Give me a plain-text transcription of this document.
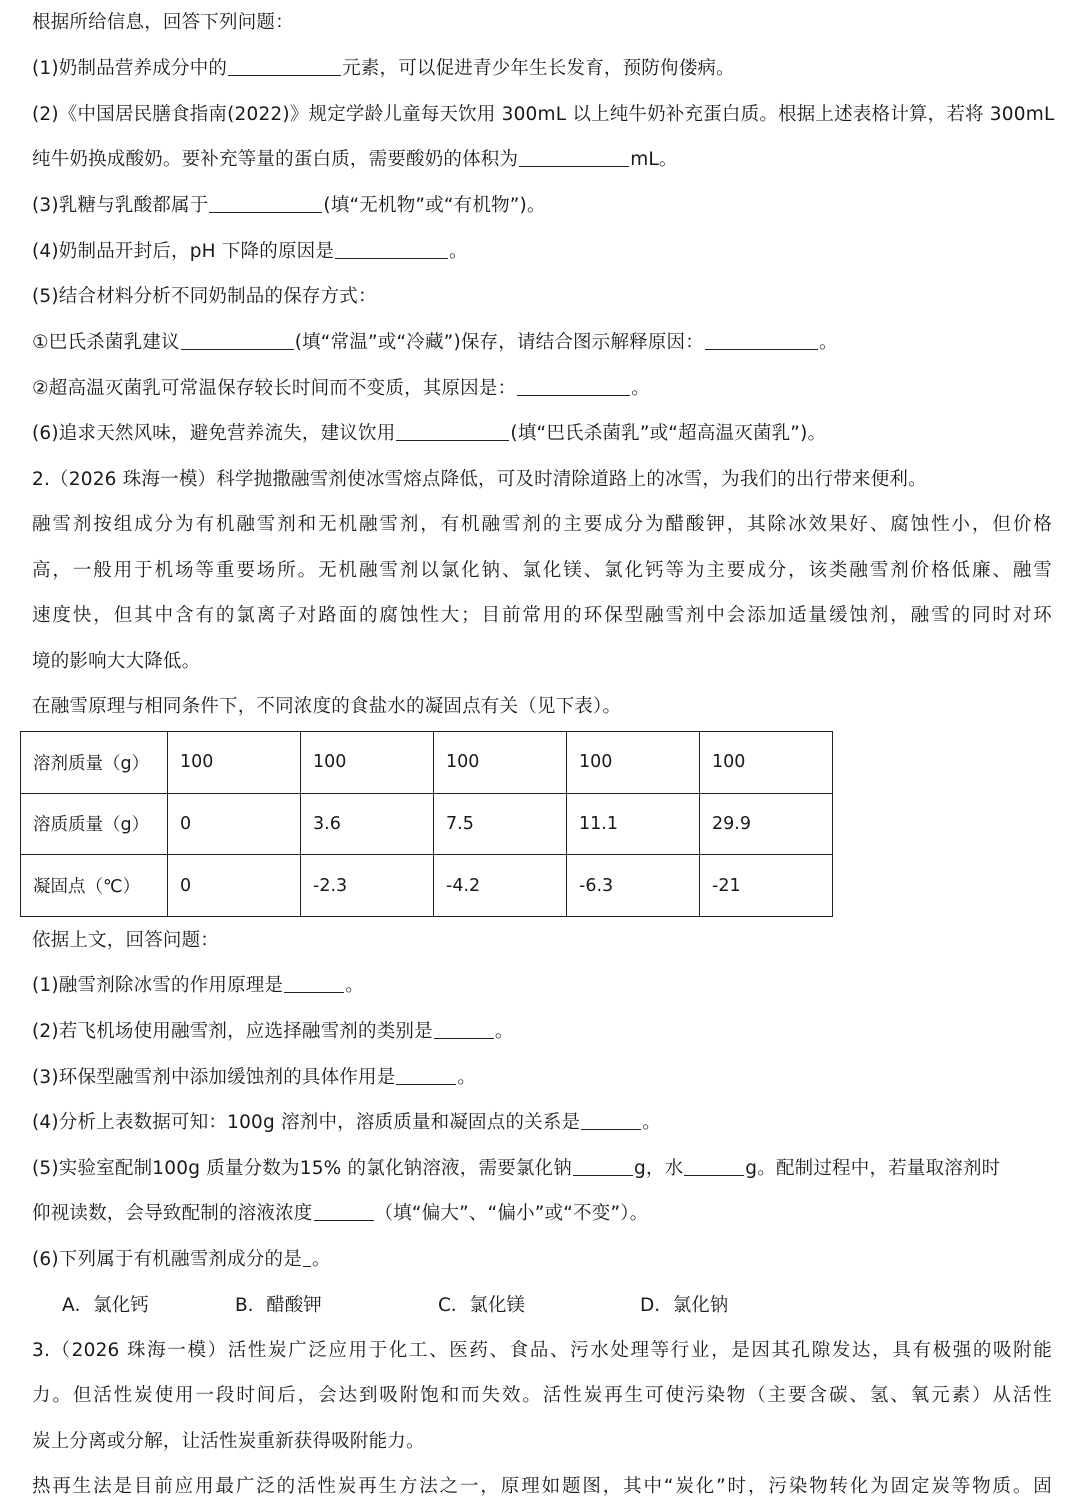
根据所给信息，回答下列问题：
(1)奶制品营养成分中的	元素，可以促进青少年生长发育，预防佝偻病。
(2)《中国居民膳食指南(2022)》规定学龄儿童每天饮用 300mL 以上纯牛奶补充蛋白质。根据上述表格计算，若将 300mL
纯牛奶换成酸奶。要补充等量的蛋白质，需要酸奶的体积为	mL。
(3)乳糖与乳酸都属于	(填“无机物”或“有机物”)。
(4)奶制品开封后，pH 下降的原因是	。
(5)结合材料分析不同奶制品的保存方式：
①巴氏杀菌乳建议	(填“常温”或“冷藏”)保存，请结合图示解释原因：	。
②超高温灭菌乳可常温保存较长时间而不变质，其原因是：	。
(6)追求天然风味，避免营养流失，建议饮用	(填“巴氏杀菌乳”或“超高温灭菌乳”)。
2.（2026 珠海一模）科学抛撒融雪剂使冰雪熔点降低，可及时清除道路上的冰雪，为我们的出行带来便利。
融雪剂按组成分为有机融雪剂和无机融雪剂，有机融雪剂的主要成分为醋酸钾，其除冰效果好、腐蚀性小，但价格
高，一般用于机场等重要场所。无机融雪剂以氯化钠、氯化镁、氯化钙等为主要成分，该类融雪剂价格低廉、融雪
速度快，但其中含有的氯离子对路面的腐蚀性大；目前常用的环保型融雪剂中会添加适量缓蚀剂，融雪的同时对环
境的影响大大降低。
在融雪原理与相同条件下，不同浓度的食盐水的凝固点有关（见下表）。
溶剂质量（g）	100	100	100	100	100
溶质质量（g）	0	3.6	7.5	11.1	29.9
凝固点（℃）	0	-2.3	-4.2	-6.3	-21
依据上文，回答问题：
(1)融雪剂除冰雪的作用原理是	。
(2)若飞机场使用融雪剂，应选择融雪剂的类别是	。
(3)环保型融雪剂中添加缓蚀剂的具体作用是	。
(4)分析上表数据可知：100g 溶剂中，溶质质量和凝固点的关系是	。
(5)实验室配制100g 质量分数为15% 的氯化钠溶液，需要氯化钠	g，水	g。配制过程中，若量取溶剂时
仰视读数，会导致配制的溶液浓度	（填“偏大”、“偏小”或“不变”）。
(6)下列属于有机融雪剂成分的是 。
A．氯化钙	B．醋酸钾	C．氯化镁	D．氯化钠
3.（2026 珠海一模）活性炭广泛应用于化工、医药、食品、污水处理等行业，是因其孔隙发达，具有极强的吸附能
力。但活性炭使用一段时间后，会达到吸附饱和而失效。活性炭再生可使污染物（主要含碳、氢、氧元素）从活性
炭上分离或分解，让活性炭重新获得吸附能力。
热再生法是目前应用最广泛的活性炭再生方法之一，原理如题图，其中“炭化”时，污染物转化为固定炭等物质。固
